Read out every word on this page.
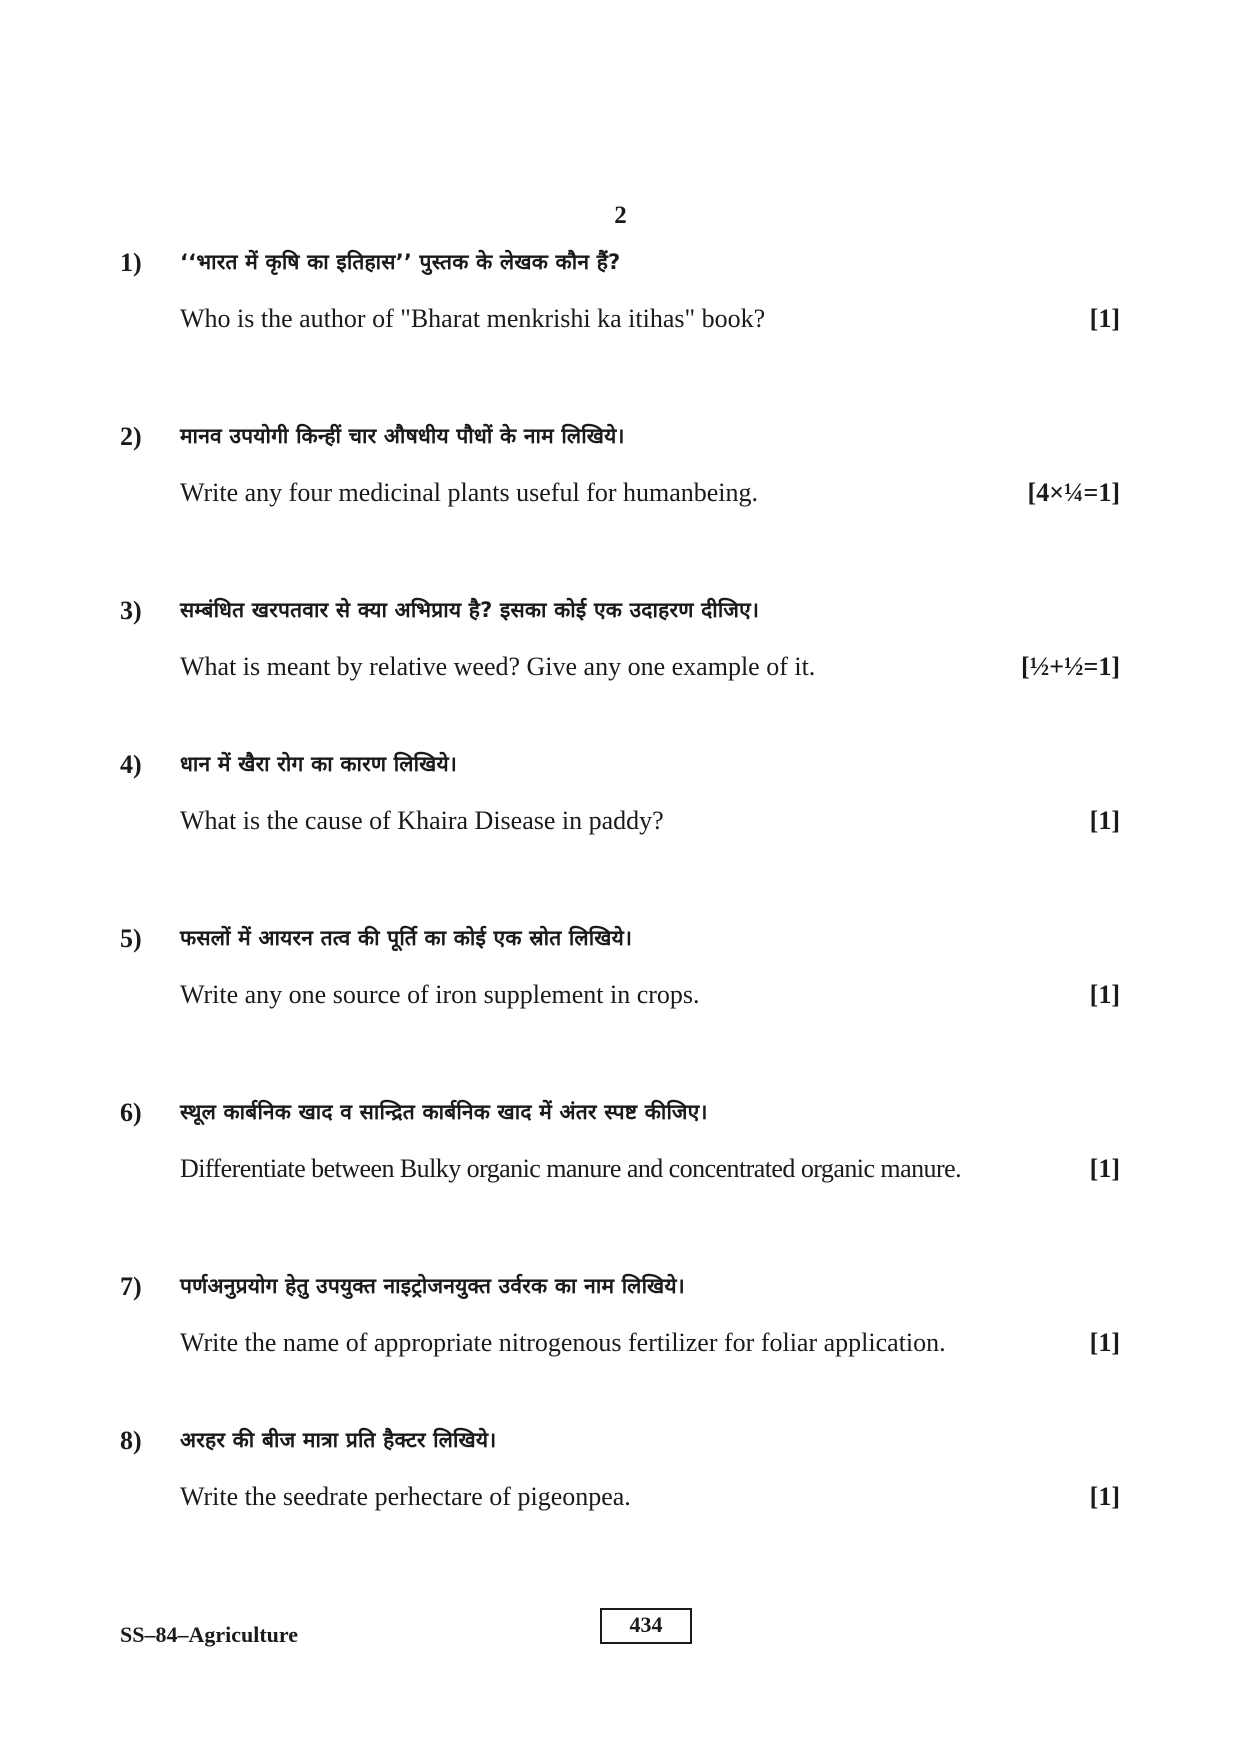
2
1) ‘‘भारत में कृषि का इतिहास’’ पुस्तक के लेखक कौन हैं?
Who is the author of "Bharat menkrishi ka itihas" book?	[1]
2) मानव उपयोगी किन्हीं चार औषधीय पौधों के नाम लिखिये।
Write any four medicinal plants useful for humanbeing.	[4×¼=1]
3) सम्बंधित खरपतवार से क्या अभिप्राय है? इसका कोई एक उदाहरण दीजिए।
What is meant by relative weed? Give any one example of it.	[½+½=1]
4) धान में खैरा रोग का कारण लिखिये।
What is the cause of Khaira Disease in paddy?	[1]
5) फसलों में आयरन तत्व की पूर्ति का कोई एक स्रोत लिखिये।
Write any one source of iron supplement in crops.	[1]
6) स्थूल कार्बनिक खाद व सान्द्रित कार्बनिक खाद में अंतर स्पष्ट कीजिए।
Differentiate between Bulky organic manure and concentrated organic manure.	[1]
7) पर्णअनुप्रयोग हेतु उपयुक्त नाइट्रोजनयुक्त उर्वरक का नाम लिखिये।
Write the name of appropriate nitrogenous fertilizer for foliar application.	[1]
8) अरहर की बीज मात्रा प्रति हैक्टर लिखिये।
Write the seedrate perhectare of pigeonpea.	[1]
SS–84–Agriculture	434
